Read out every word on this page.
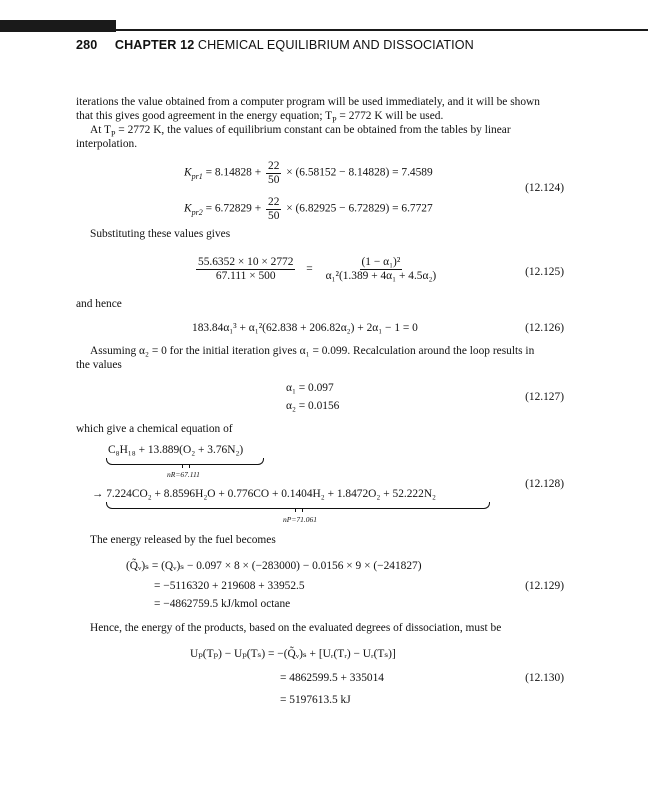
280 CHAPTER 12 CHEMICAL EQUILIBRIUM AND DISSOCIATION
iterations the value obtained from a computer program will be used immediately, and it will be shown
that this gives good agreement in the energy equation; $T_P = 2772$ K will be used.
At $T_P = 2772$ K, the values of equilibrium constant can be obtained from the tables by linear
interpolation.
$K_{pr1} = 8.14828 + \frac{22}{50} \times (6.58152 - 8.14828) = 7.4589$
$K_{pr2} = 6.72829 + \frac{22}{50} \times (6.82925 - 6.72829) = 6.7727$
(12.124)
Substituting these values gives
$\frac{55.6352 \times 10 \times 2772}{67.111 \times 500} = \frac{\text{(1 − α₁)²}}{\text{α₁²(1.389 + 4α₁ + 4.5α₂)}}$	(12.125)
and hence
183.84α₁³ + α₁²(62.838 + 206.82α₂) + 2α₁ − 1 = 0	(12.126)
Assuming α₂ = 0 for the initial iteration gives α₁ = 0.099. Recalculation around the loop results in
the values
α₁ = 0.097
α₂ = 0.0156
(12.127)
which give a chemical equation of
C₈H₁₈ + 13.889(O₂ + 3.76N₂)
nR=67.111
→ 7.224CO₂ + 8.8596H₂O + 0.776CO + 0.1404H₂ + 1.8472O₂ + 52.222N₂
nP=71.061
(12.128)
The energy released by the fuel becomes
(Q̃ᵥ)ₛ = (Qᵥ)ₛ − 0.097 × 8 × (−283000) − 0.0156 × 9 × (−241827)
= −5116320 + 219608 + 33952.5
= −4862759.5 kJ/kmol octane
(12.129)
Hence, the energy of the products, based on the evaluated degrees of dissociation, must be
Uₚ(Tₚ) − Uₚ(Tₛ) = −(Q̃ᵥ)ₛ + [Uᵣ(Tᵣ) − Uᵣ(Tₛ)]
= 4862599.5 + 335014
= 5197613.5 kJ
(12.130)
